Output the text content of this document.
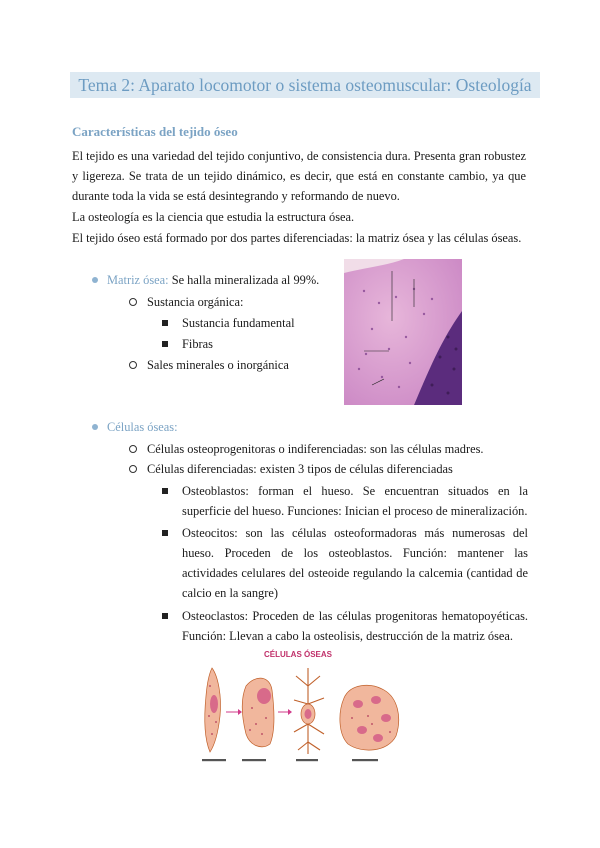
Tema 2: Aparato locomotor o sistema osteomuscular: Osteología
Características del tejido óseo
El tejido es una variedad del tejido conjuntivo, de consistencia dura. Presenta gran robustez y ligereza. Se trata de un tejido dinámico, es decir, que está en constante cambio, ya que durante toda la vida se está desintegrando y reformando de nuevo.
La osteología es la ciencia que estudia la estructura ósea.
El tejido óseo está formado por dos partes diferenciadas: la matriz ósea y las células óseas.
Matriz ósea: Se halla mineralizada al 99%.
Sustancia orgánica:
Sustancia fundamental
Fibras
Sales minerales o inorgánica
Células óseas:
Células osteoprogenitoras o indiferenciadas: son las células madres.
Células diferenciadas: existen 3 tipos de células diferenciadas
Osteoblastos: forman el hueso. Se encuentran situados en la superficie del hueso. Funciones: Inician el proceso de mineralización.
Osteocitos: son las células osteoformadoras más numerosas del hueso. Proceden de los osteoblastos. Función: mantener las actividades celulares del osteoide regulando la calcemia (cantidad de calcio en la sangre)
Osteoclastos: Proceden de las células progenitoras hematopoyéticas. Función: Llevan a cabo la osteolisis, destrucción de la matriz ósea.
CÉLULAS ÓSEAS
